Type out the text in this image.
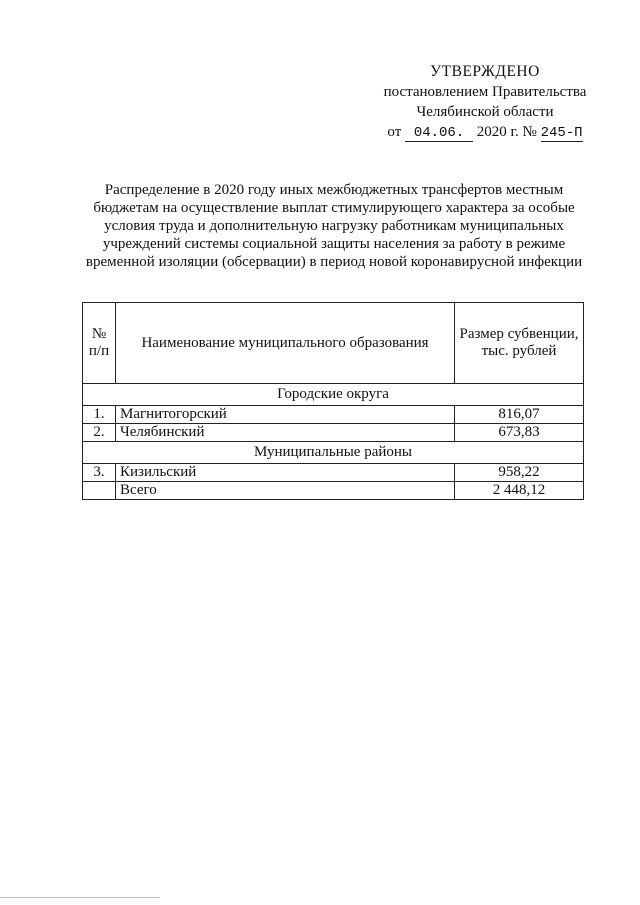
УТВЕРЖДЕНО
постановлением Правительства
Челябинской области
от 04.06. 2020 г. № 245-П
Распределение в 2020 году иных межбюджетных трансфертов местным бюджетам на осуществление выплат стимулирующего характера за особые условия труда и дополнительную нагрузку работникам муниципальных учреждений системы социальной защиты населения за работу в режиме временной изоляции (обсервации) в период новой коронавирусной инфекции
№ п/п	Наименование муниципального образования	Размер субвенции, тыс. рублей
Городские округа		
1.	Магнитогорский	816,07
2.	Челябинский	673,83
Муниципальные районы		
3.	Кизильский	958,22
	Всего	2 448,12
